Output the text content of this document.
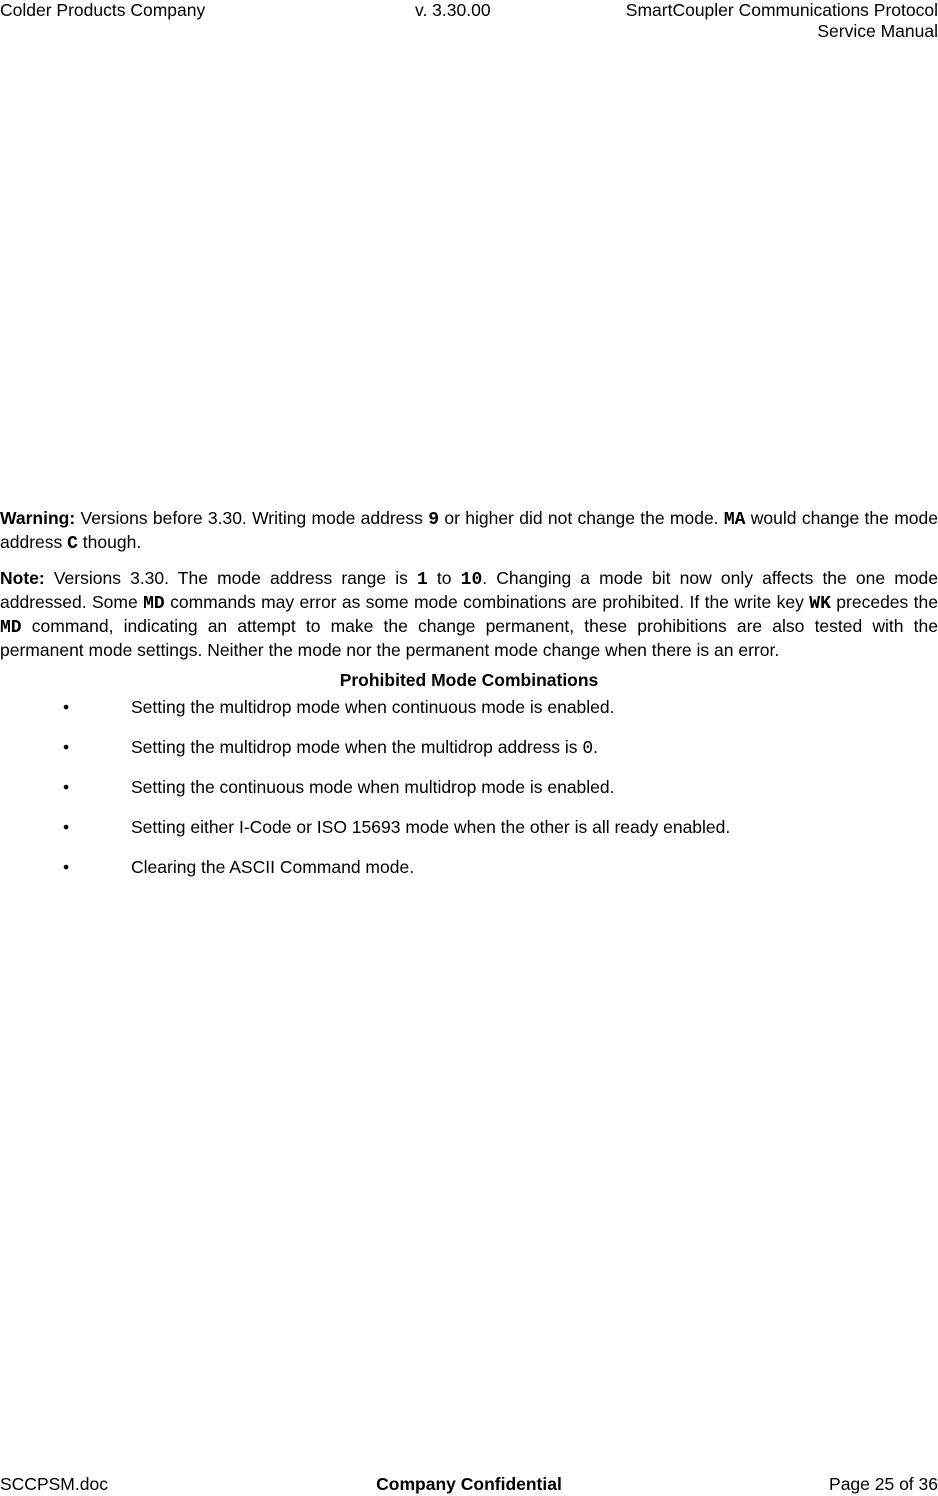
Colder Products Company	v. 3.30.00	SmartCoupler Communications Protocol
Service Manual

Warning: Versions before 3.30. Writing mode address 9 or higher did not change the mode. MA would change the mode address C though.

Note: Versions 3.30. The mode address range is 1 to 10. Changing a mode bit now only affects the one mode addressed. Some MD commands may error as some mode combinations are prohibited. If the write key WK precedes the MD command, indicating an attempt to make the change permanent, these prohibitions are also tested with the permanent mode settings. Neither the mode nor the permanent mode change when there is an error.

Prohibited Mode Combinations
•	Setting the multidrop mode when continuous mode is enabled.
•	Setting the multidrop mode when the multidrop address is 0.
•	Setting the continuous mode when multidrop mode is enabled.
•	Setting either I-Code or ISO 15693 mode when the other is all ready enabled.
•	Clearing the ASCII Command mode.
SCCPSM.doc	Company Confidential	Page 25 of 36
